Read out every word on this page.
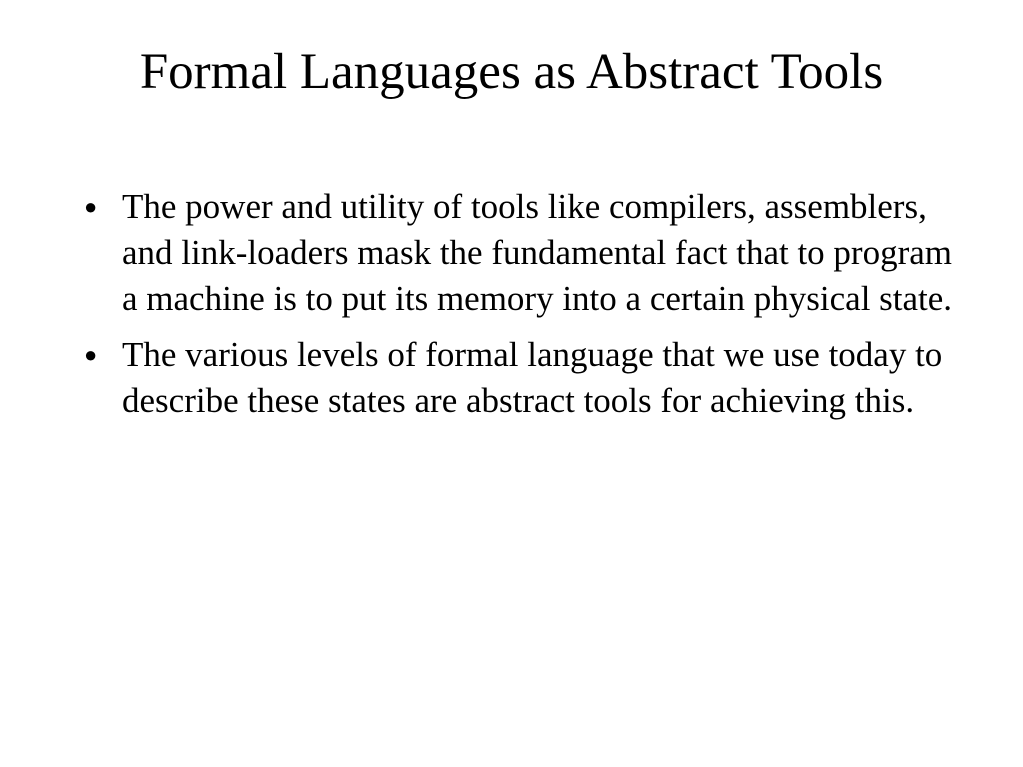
Formal Languages as Abstract Tools
● The power and utility of tools like compilers, assemblers, and link-loaders mask the fundamental fact that to program a machine is to put its memory into a certain physical state.
● The various levels of formal language that we use today to describe these states are abstract tools for achieving this.
